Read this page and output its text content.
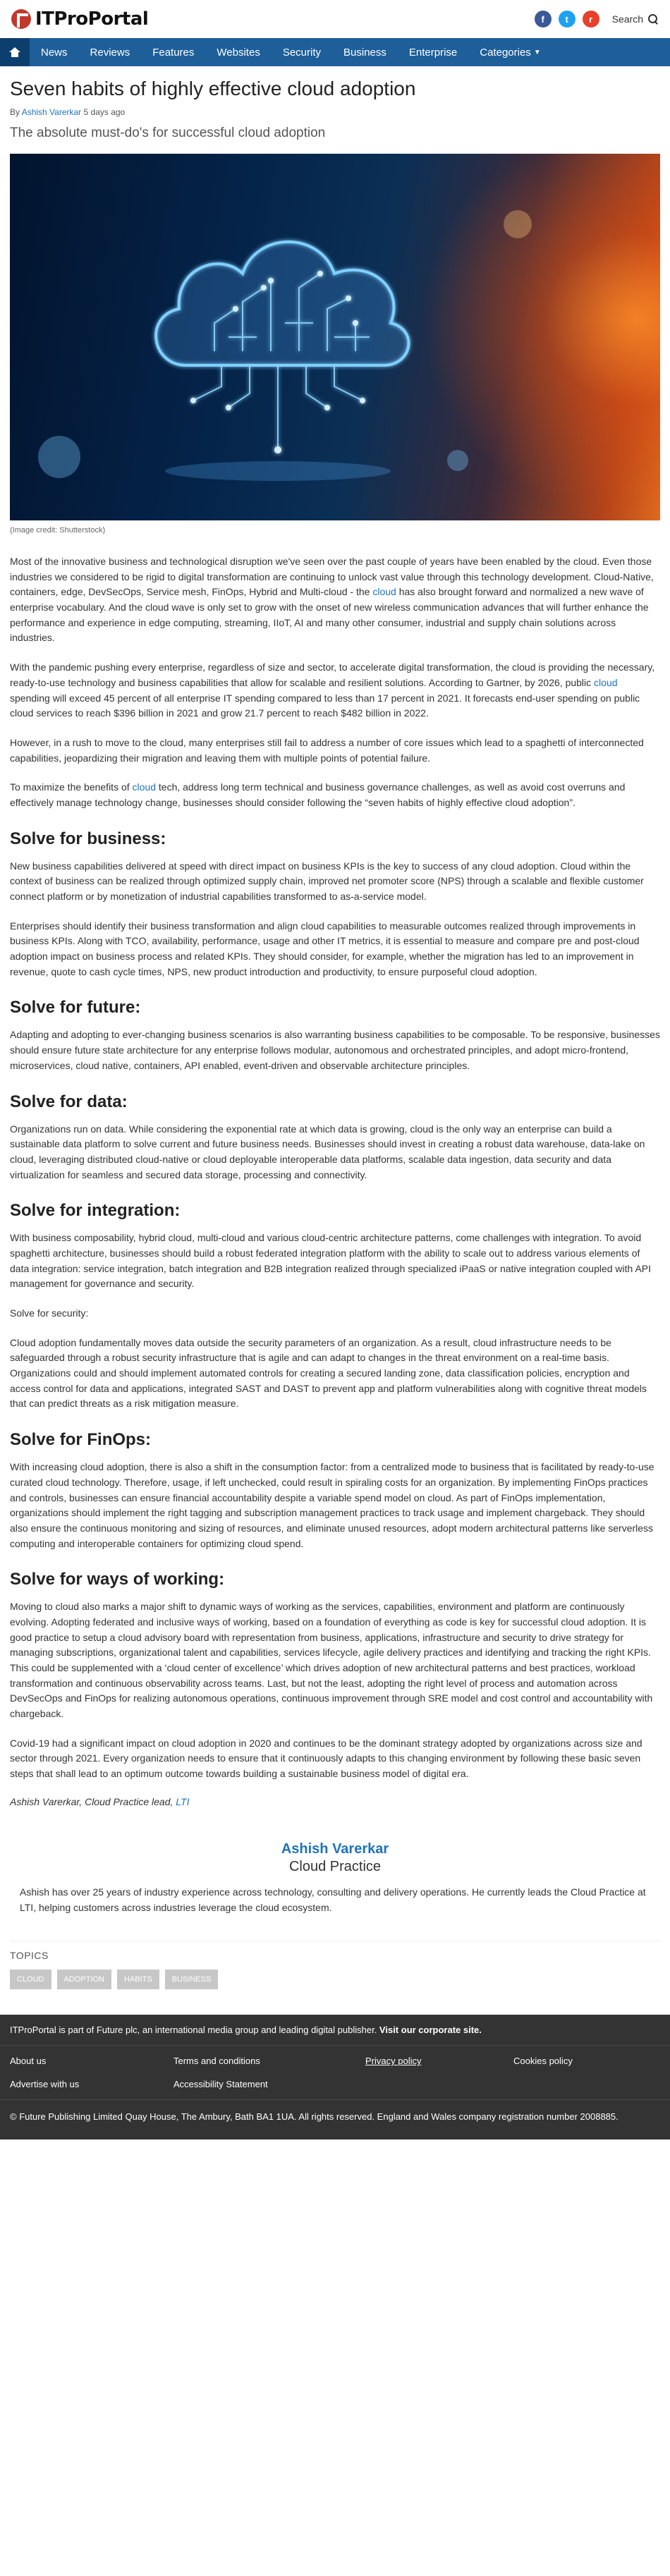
ITProPortal	f	t	r	Search
News	Reviews	Features	Websites	Security	Business	Enterprise	Categories ▼
Seven habits of highly effective cloud adoption
By Ashish Varerkar 5 days ago
The absolute must-do's for successful cloud adoption
(Image credit: Shutterstock)

Most of the innovative business and technological disruption we've seen over the past couple of years have been enabled by the cloud. Even those industries we considered to be rigid to digital transformation are continuing to unlock vast value through this technology development. Cloud-Native, containers, edge, DevSecOps, Service mesh, FinOps, Hybrid and Multi-cloud - the cloud has also brought forward and normalized a new wave of enterprise vocabulary. And the cloud wave is only set to grow with the onset of new wireless communication advances that will further enhance the performance and experience in edge computing, streaming, IIoT, AI and many other consumer, industrial and supply chain solutions across industries.

With the pandemic pushing every enterprise, regardless of size and sector, to accelerate digital transformation, the cloud is providing the necessary, ready-to-use technology and business capabilities that allow for scalable and resilient solutions. According to Gartner, by 2026, public cloud spending will exceed 45 percent of all enterprise IT spending compared to less than 17 percent in 2021. It forecasts end-user spending on public cloud services to reach $396 billion in 2021 and grow 21.7 percent to reach $482 billion in 2022.

However, in a rush to move to the cloud, many enterprises still fail to address a number of core issues which lead to a spaghetti of interconnected capabilities, jeopardizing their migration and leaving them with multiple points of potential failure.

To maximize the benefits of cloud tech, address long term technical and business governance challenges, as well as avoid cost overruns and effectively manage technology change, businesses should consider following the “seven habits of highly effective cloud adoption”.

Solve for business:

New business capabilities delivered at speed with direct impact on business KPIs is the key to success of any cloud adoption. Cloud within the context of business can be realized through optimized supply chain, improved net promoter score (NPS) through a scalable and flexible customer connect platform or by monetization of industrial capabilities transformed to as-a-service model.

Enterprises should identify their business transformation and align cloud capabilities to measurable outcomes realized through improvements in business KPIs. Along with TCO, availability, performance, usage and other IT metrics, it is essential to measure and compare pre and post-cloud adoption impact on business process and related KPIs. They should consider, for example, whether the migration has led to an improvement in revenue, quote to cash cycle times, NPS, new product introduction and productivity, to ensure purposeful cloud adoption.

Solve for future:

Adapting and adopting to ever-changing business scenarios is also warranting business capabilities to be composable. To be responsive, businesses should ensure future state architecture for any enterprise follows modular, autonomous and orchestrated principles, and adopt micro-frontend, microservices, cloud native, containers, API enabled, event-driven and observable architecture principles.

Solve for data:

Organizations run on data. While considering the exponential rate at which data is growing, cloud is the only way an enterprise can build a sustainable data platform to solve current and future business needs. Businesses should invest in creating a robust data warehouse, data-lake on cloud, leveraging distributed cloud-native or cloud deployable interoperable data platforms, scalable data ingestion, data security and data virtualization for seamless and secured data storage, processing and connectivity.

Solve for integration:

With business composability, hybrid cloud, multi-cloud and various cloud-centric architecture patterns, come challenges with integration. To avoid spaghetti architecture, businesses should build a robust federated integration platform with the ability to scale out to address various elements of data integration: service integration, batch integration and B2B integration realized through specialized iPaaS or native integration coupled with API management for governance and security.

Solve for security:

Cloud adoption fundamentally moves data outside the security parameters of an organization. As a result, cloud infrastructure needs to be safeguarded through a robust security infrastructure that is agile and can adapt to changes in the threat environment on a real-time basis. Organizations could and should implement automated controls for creating a secured landing zone, data classification policies, encryption and access control for data and applications, integrated SAST and DAST to prevent app and platform vulnerabilities along with cognitive threat models that can predict threats as a risk mitigation measure.

Solve for FinOps:

With increasing cloud adoption, there is also a shift in the consumption factor: from a centralized mode to business that is facilitated by ready-to-use curated cloud technology. Therefore, usage, if left unchecked, could result in spiraling costs for an organization. By implementing FinOps practices and controls, businesses can ensure financial accountability despite a variable spend model on cloud. As part of FinOps implementation, organizations should implement the right tagging and subscription management practices to track usage and implement chargeback. They should also ensure the continuous monitoring and sizing of resources, and eliminate unused resources, adopt modern architectural patterns like serverless computing and interoperable containers for optimizing cloud spend.

Solve for ways of working:

Moving to cloud also marks a major shift to dynamic ways of working as the services, capabilities, environment and platform are continuously evolving. Adopting federated and inclusive ways of working, based on a foundation of everything as code is key for successful cloud adoption. It is good practice to setup a cloud advisory board with representation from business, applications, infrastructure and security to drive strategy for managing subscriptions, organizational talent and capabilities, services lifecycle, agile delivery practices and identifying and tracking the right KPIs. This could be supplemented with a ‘cloud center of excellence’ which drives adoption of new architectural patterns and best practices, workload transformation and continuous observability across teams. Last, but not the least, adopting the right level of process and automation across DevSecOps and FinOps for realizing autonomous operations, continuous improvement through SRE model and cost control and accountability with chargeback.

Covid-19 had a significant impact on cloud adoption in 2020 and continues to be the dominant strategy adopted by organizations across size and sector through 2021. Every organization needs to ensure that it continuously adapts to this changing environment by following these basic seven steps that shall lead to an optimum outcome towards building a sustainable business model of digital era.

Ashish Varerkar, Cloud Practice lead, LTI
Ashish Varerkar
Cloud Practice
Ashish has over 25 years of industry experience across technology, consulting and delivery operations. He currently leads the Cloud Practice at LTI, helping customers across industries leverage the cloud ecosystem.
TOPICS
CLOUD	ADOPTION	HABITS	BUSINESS
ITProPortal is part of Future plc, an international media group and leading digital publisher. Visit our corporate site.
About us	Terms and conditions	Privacy policy	Cookies policy
Advertise with us	Accessibility Statement
© Future Publishing Limited Quay House, The Ambury, Bath BA1 1UA. All rights reserved. England and Wales company registration number 2008885.
